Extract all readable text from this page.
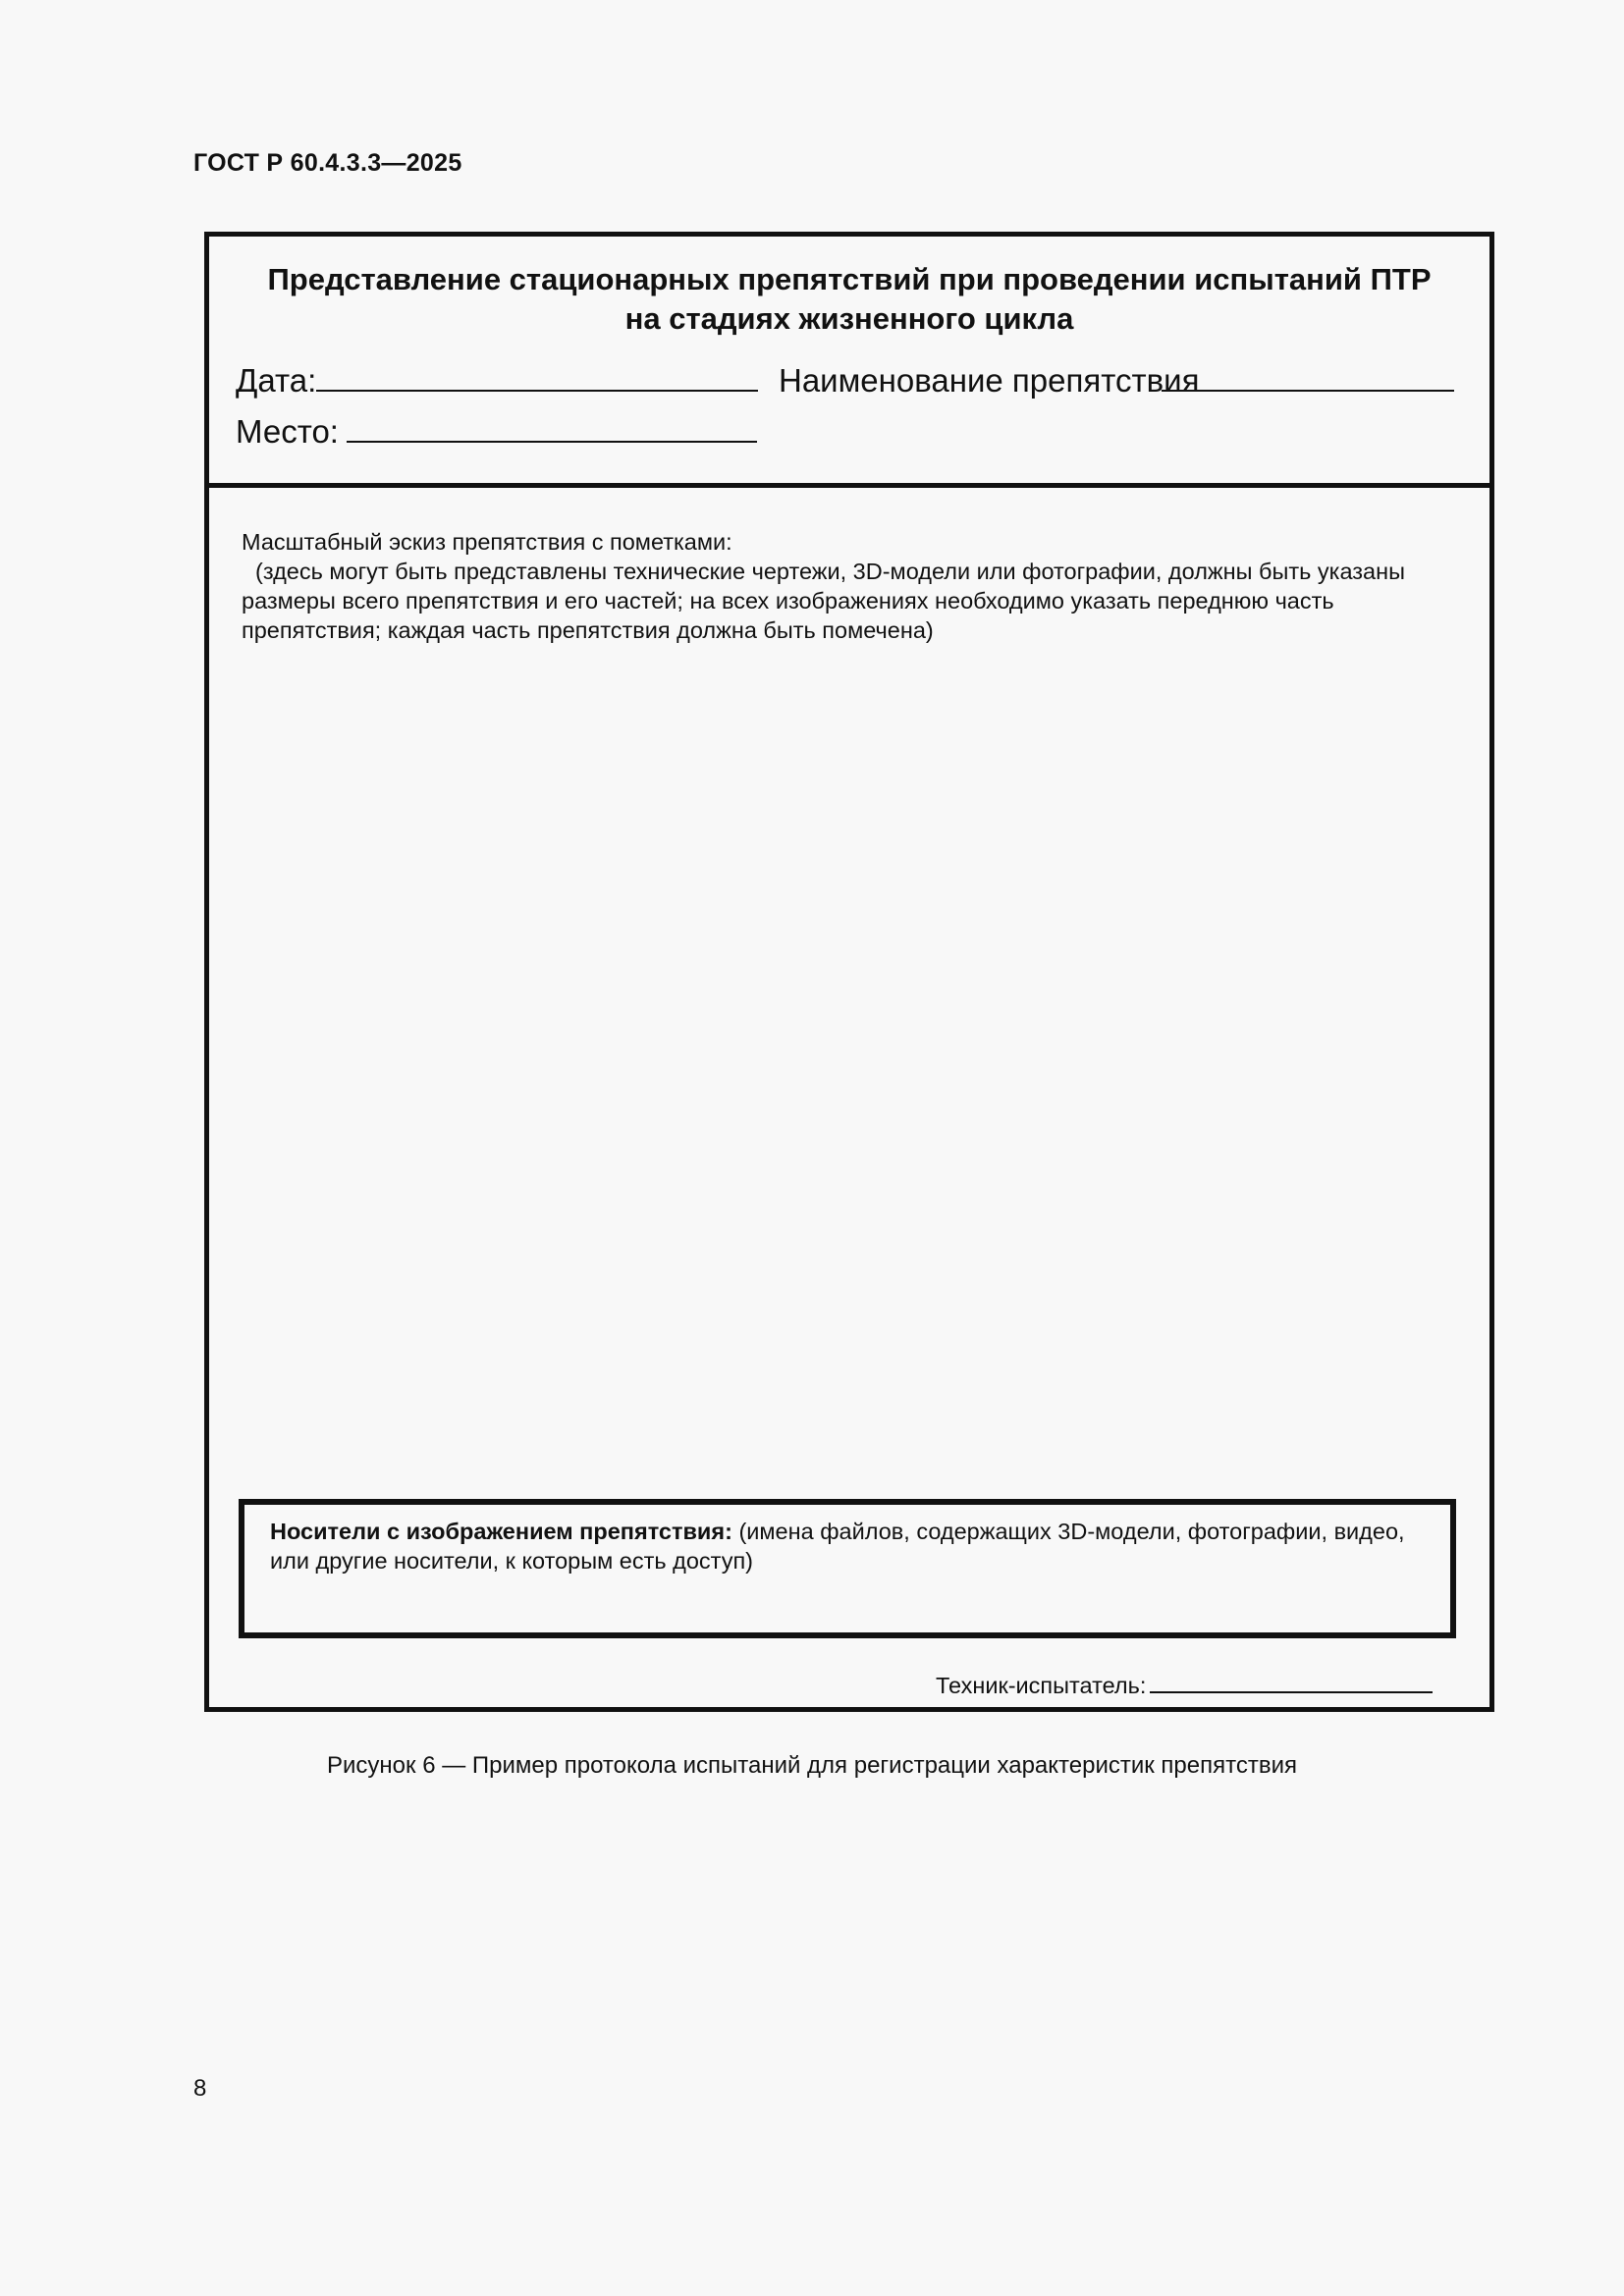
ГОСТ Р 60.4.3.3—2025
Представление стационарных препятствий при проведении испытаний ПТР
на стадиях жизненного цикла
Дата:	Наименование препятствия
Место:
Масштабный эскиз препятствия с пометками:
(здесь могут быть представлены технические чертежи, 3D-модели или фотографии, должны быть указаны размеры всего препятствия и его частей; на всех изображениях необходимо указать переднюю часть препятствия; каждая часть препятствия должна быть помечена)
Носители с изображением препятствия: (имена файлов, содержащих 3D-модели, фотографии, видео, или другие носители, к которым есть доступ)
Техник-испытатель:
Рисунок 6 — Пример протокола испытаний для регистрации характеристик препятствия
8
